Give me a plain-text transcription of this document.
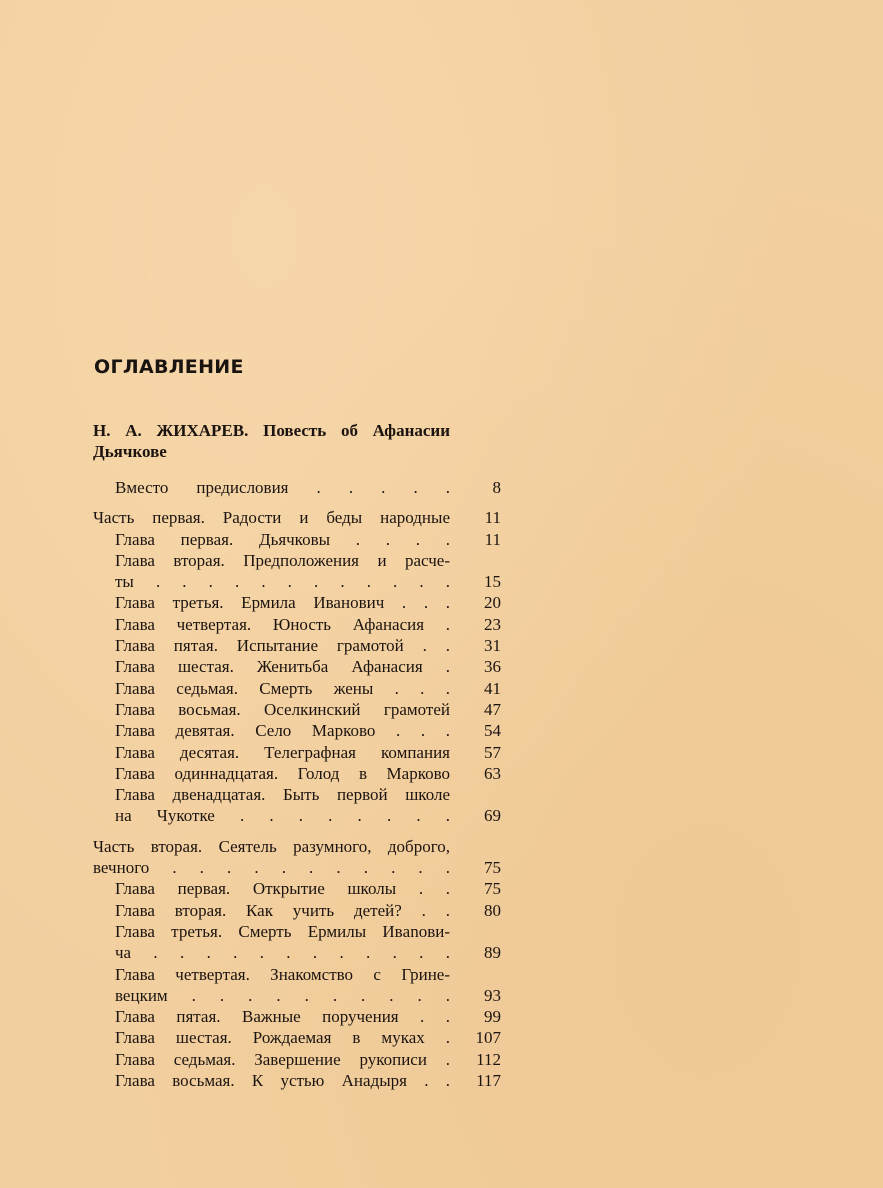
ОГЛАВЛЕНИЕ
Н. А. ЖИХАРЕВ. Повесть об Афанасии
Дьячкове
Вместо предисловия . . . . .	8
Часть первая. Радости и беды народные 11
Глава первая. Дьячковы . . . . 11
Глава вторая. Предположения и расче-
ты . . . . . . . . . . . . 15
Глава третья. Ермила Иванович . . . 20
Глава четвертая. Юность Афанасия . 23
Глава пятая. Испытание грамотой . . 31
Глава шестая. Женитьба Афанасия . 36
Глава седьмая. Смерть жены . . . 41
Глава восьмая. Оселкинский грамотей 47
Глава девятая. Село Марково . . . 54
Глава десятая. Телеграфная компания 57
Глава одиннадцатая. Голод в Марково 63
Глава двенадцатая. Быть первой школе
на Чукотке . . . . . . . . 69
Часть вторая. Сеятель разумного, доброго,
вечного . . . . . . . . . . . 75
Глава первая. Открытие школы . . 75
Глава вторая. Как учить детей? . . 80
Глава третья. Смерть Ермилы Ивanови-
ча . . . . . . . . . . . . 89
Глава четвертая. Знакомство с Грине-
вецким . . . . . . . . . . 93
Глава пятая. Важные поручения . . 99
Глава шестая. Рождаемая в муках . 107
Глава седьмая. Завершение рукописи . 112
Глава восьмая. К устью Анадыря . . 117
